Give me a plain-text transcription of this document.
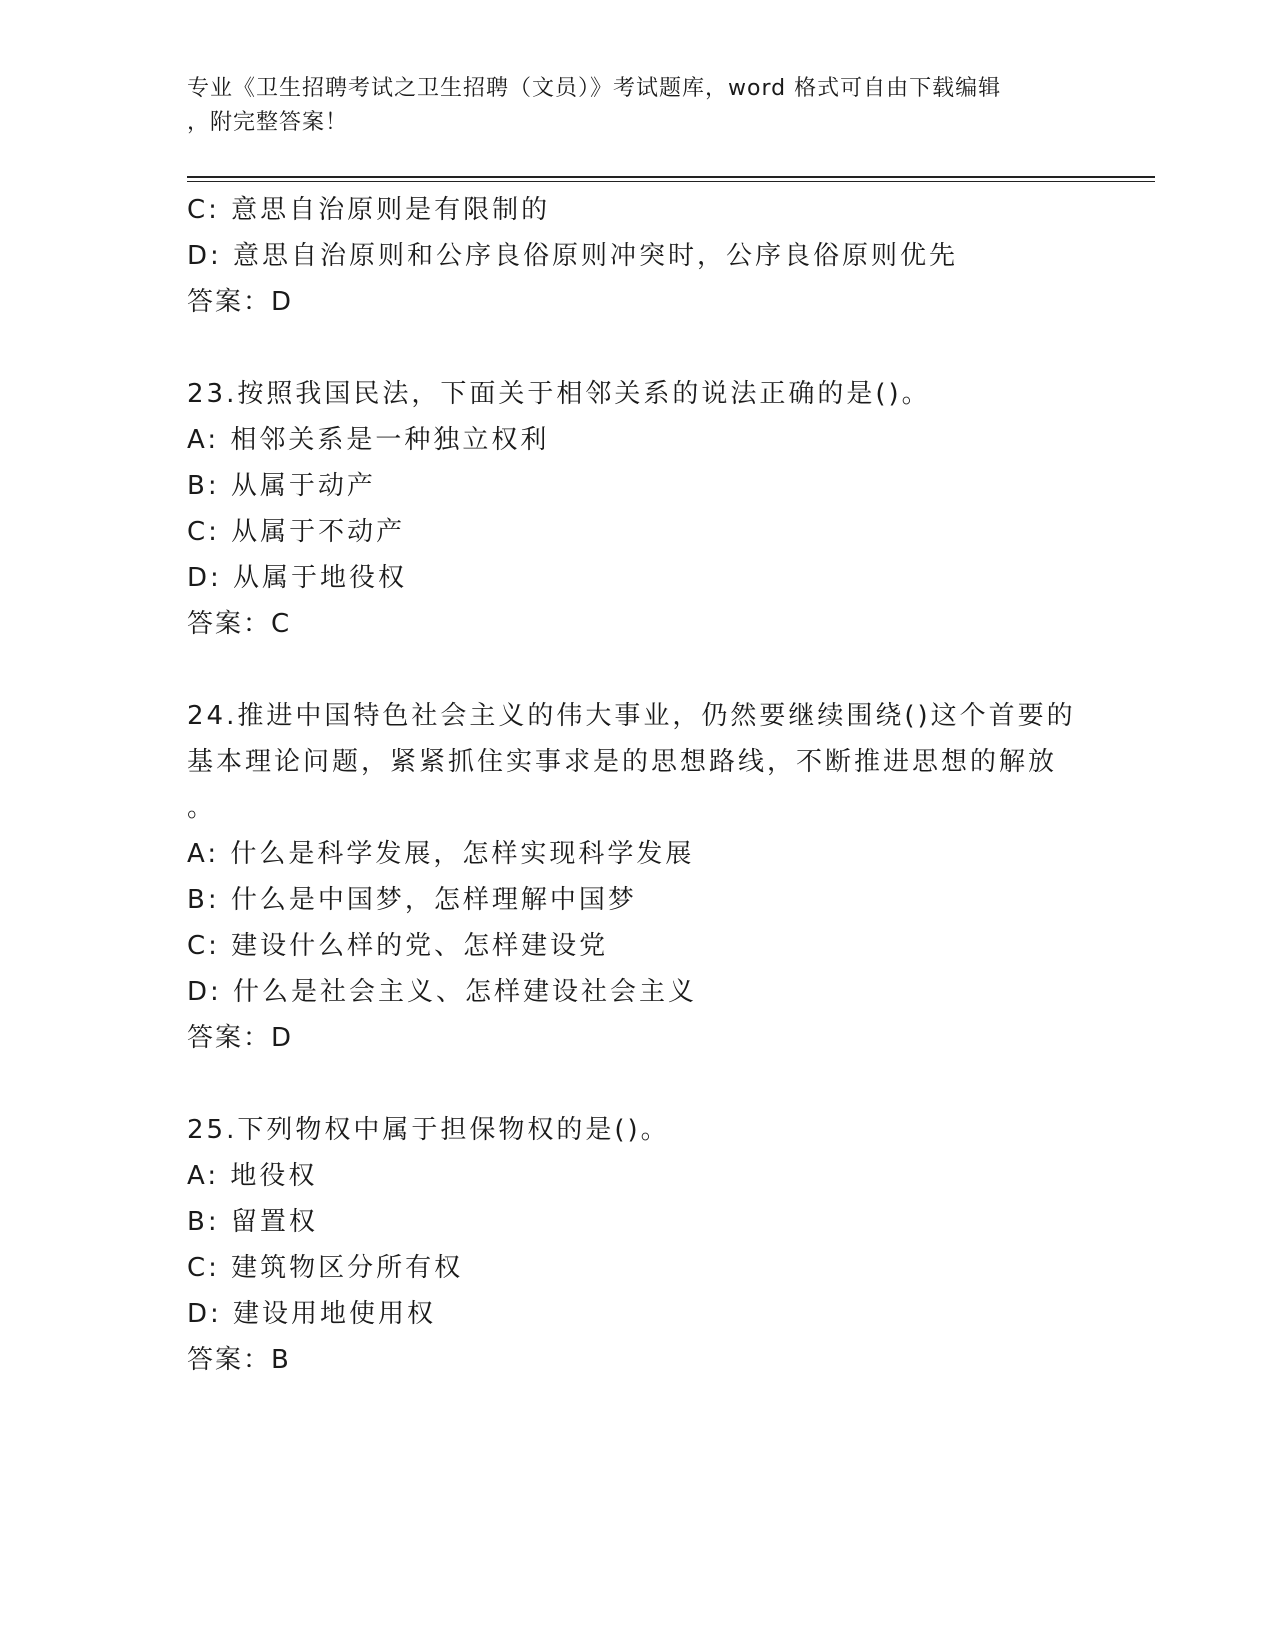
专业《卫生招聘考试之卫生招聘（文员）》考试题库，word 格式可自由下载编辑
，附完整答案！
C: 意思自治原则是有限制的
D: 意思自治原则和公序良俗原则冲突时，公序良俗原则优先
答案：D
23.按照我国民法，下面关于相邻关系的说法正确的是()。
A: 相邻关系是一种独立权利
B: 从属于动产
C: 从属于不动产
D: 从属于地役权
答案：C
24.推进中国特色社会主义的伟大事业，仍然要继续围绕()这个首要的
基本理论问题，紧紧抓住实事求是的思想路线，不断推进思想的解放
。
A: 什么是科学发展，怎样实现科学发展
B: 什么是中国梦，怎样理解中国梦
C: 建设什么样的党、怎样建设党
D: 什么是社会主义、怎样建设社会主义
答案：D
25.下列物权中属于担保物权的是()。
A: 地役权
B: 留置权
C: 建筑物区分所有权
D: 建设用地使用权
答案：B
